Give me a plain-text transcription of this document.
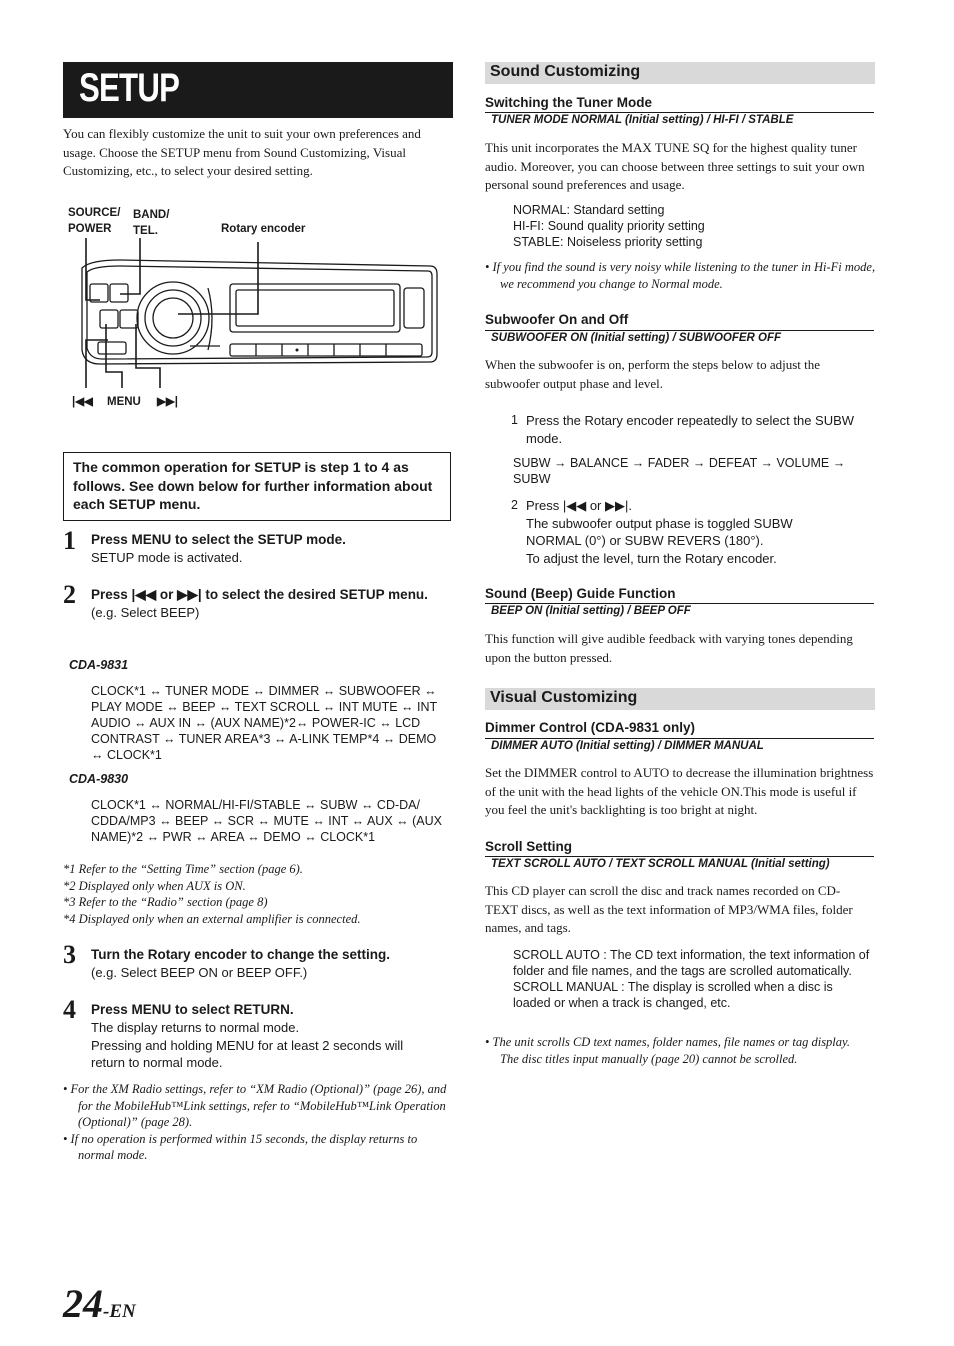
SETUP
You can flexibly customize the unit to suit your own preferences and usage. Choose the SETUP menu from Sound Customizing, Visual Customizing, etc., to select your desired setting.
SOURCE/
POWER
BAND/
TEL.	Rotary encoder
|◀◀ MENU ▶▶|
The common operation for SETUP is step 1 to 4 as follows. See down below for further information about each SETUP menu.
1 Press MENU to select the SETUP mode.
SETUP mode is activated.
2 Press |◀◀ or ▶▶| to select the desired SETUP menu.
(e.g. Select BEEP)
CDA-9831
CLOCK*1 ↔ TUNER MODE ↔ DIMMER ↔ SUBWOOFER ↔ PLAY MODE ↔ BEEP ↔ TEXT SCROLL ↔ INT MUTE ↔ INT AUDIO ↔ AUX IN ↔ (AUX NAME)*2↔ POWER-IC ↔ LCD CONTRAST ↔ TUNER AREA*3 ↔ A-LINK TEMP*4 ↔ DEMO ↔ CLOCK*1
CDA-9830
CLOCK*1 ↔ NORMAL/HI-FI/STABLE ↔ SUBW ↔ CD-DA/ CDDA/MP3 ↔ BEEP ↔ SCR ↔ MUTE ↔ INT ↔ AUX ↔ (AUX NAME)*2 ↔ PWR ↔ AREA ↔ DEMO ↔ CLOCK*1
*1 Refer to the “Setting Time” section (page 6).
*2 Displayed only when AUX is ON.
*3 Refer to the “Radio” section (page 8)
*4 Displayed only when an external amplifier is connected.
3 Turn the Rotary encoder to change the setting.
(e.g. Select BEEP ON or BEEP OFF.)
4 Press MENU to select RETURN.
The display returns to normal mode.
Pressing and holding MENU for at least 2 seconds will return to normal mode.
• For the XM Radio settings, refer to “XM Radio (Optional)” (page 26), and for the MobileHub™Link settings, refer to “MobileHub™Link Operation (Optional)” (page 28).
• If no operation is performed within 15 seconds, the display returns to normal mode.
24-EN
Sound Customizing
Switching the Tuner Mode
TUNER MODE NORMAL (Initial setting) / HI-FI / STABLE
This unit incorporates the MAX TUNE SQ for the highest quality tuner audio. Moreover, you can choose between three settings to suit your own personal sound preferences and usage.
NORMAL: Standard setting
HI-FI: Sound quality priority setting
STABLE: Noiseless priority setting
• If you find the sound is very noisy while listening to the tuner in Hi-Fi mode, we recommend you change to Normal mode.
Subwoofer On and Off
SUBWOOFER ON (Initial setting) / SUBWOOFER OFF
When the subwoofer is on, perform the steps below to adjust the subwoofer output phase and level.
1 Press the Rotary encoder repeatedly to select the SUBW mode.
SUBW → BALANCE → FADER → DEFEAT → VOLUME → SUBW
2 Press |◀◀ or ▶▶|.
The subwoofer output phase is toggled SUBW NORMAL (0°) or SUBW REVERS (180°).
To adjust the level, turn the Rotary encoder.
Sound (Beep) Guide Function
BEEP ON (Initial setting) / BEEP OFF
This function will give audible feedback with varying tones depending upon the button pressed.
Visual Customizing
Dimmer Control (CDA-9831 only)
DIMMER AUTO (Initial setting) / DIMMER MANUAL
Set the DIMMER control to AUTO to decrease the illumination brightness of the unit with the head lights of the vehicle ON.This mode is useful if you feel the unit's backlighting is too bright at night.
Scroll Setting
TEXT SCROLL AUTO / TEXT SCROLL MANUAL (Initial setting)
This CD player can scroll the disc and track names recorded on CD-TEXT discs, as well as the text information of MP3/WMA files, folder names, and tags.
SCROLL AUTO : The CD text information, the text information of folder and file names, and the tags are scrolled automatically.
SCROLL MANUAL : The display is scrolled when a disc is loaded or when a track is changed, etc.
• The unit scrolls CD text names, folder names, file names or tag display. The disc titles input manually (page 20) cannot be scrolled.
